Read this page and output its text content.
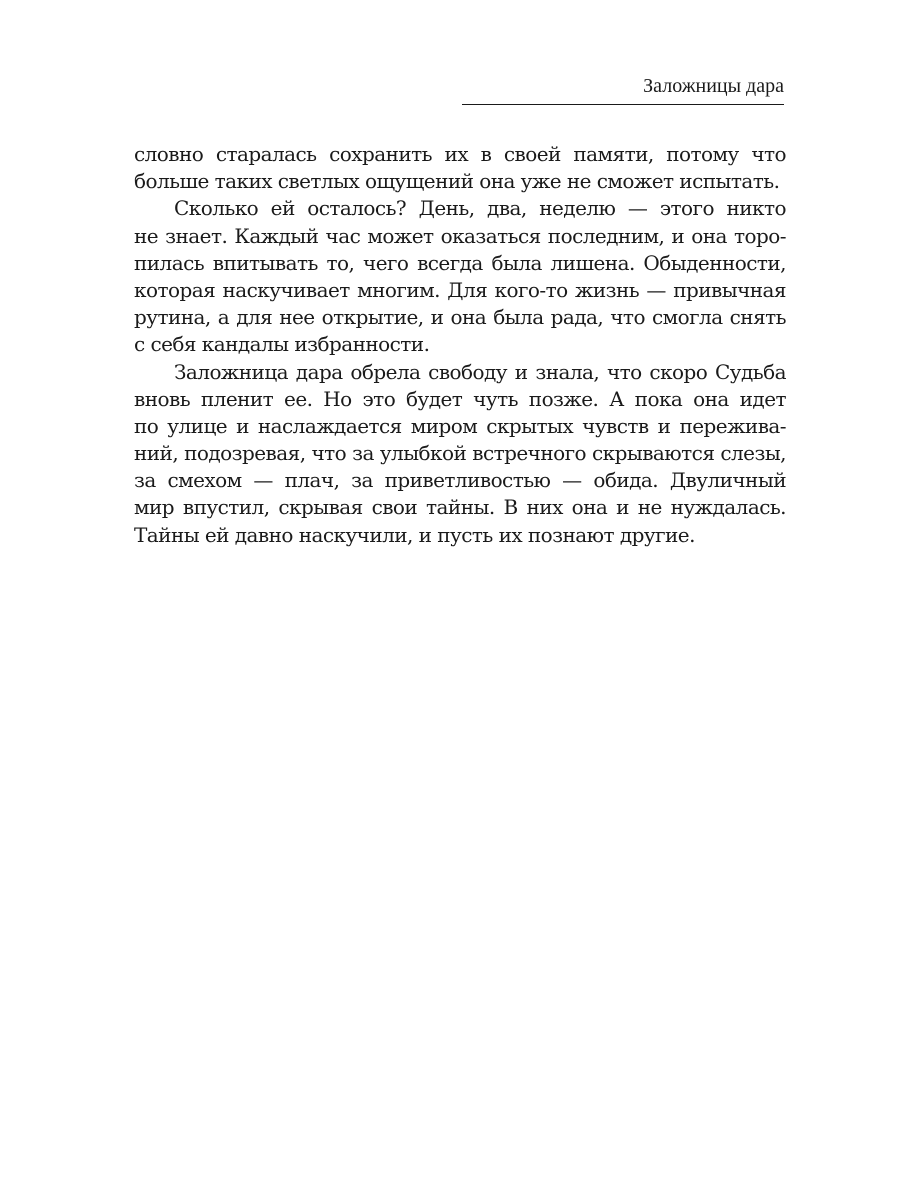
Заложницы дара
словно старалась сохранить их в своей памяти, потому что
больше таких светлых ощущений она уже не сможет испытать.
Сколько ей осталось? День, два, неделю — этого никто
не знает. Каждый час может оказаться последним, и она торо-
пилась впитывать то, чего всегда была лишена. Обыденности,
которая наскучивает многим. Для кого-то жизнь — привычная
рутина, а для нее открытие, и она была рада, что смогла снять
с себя кандалы избранности.
Заложница дара обрела свободу и знала, что скоро Судьба
вновь пленит ее. Но это будет чуть позже. А пока она идет
по улице и наслаждается миром скрытых чувств и пережива-
ний, подозревая, что за улыбкой встречного скрываются слезы,
за смехом — плач, за приветливостью — обида. Двуличный
мир впустил, скрывая свои тайны. В них она и не нуждалась.
Тайны ей давно наскучили, и пусть их познают другие.
